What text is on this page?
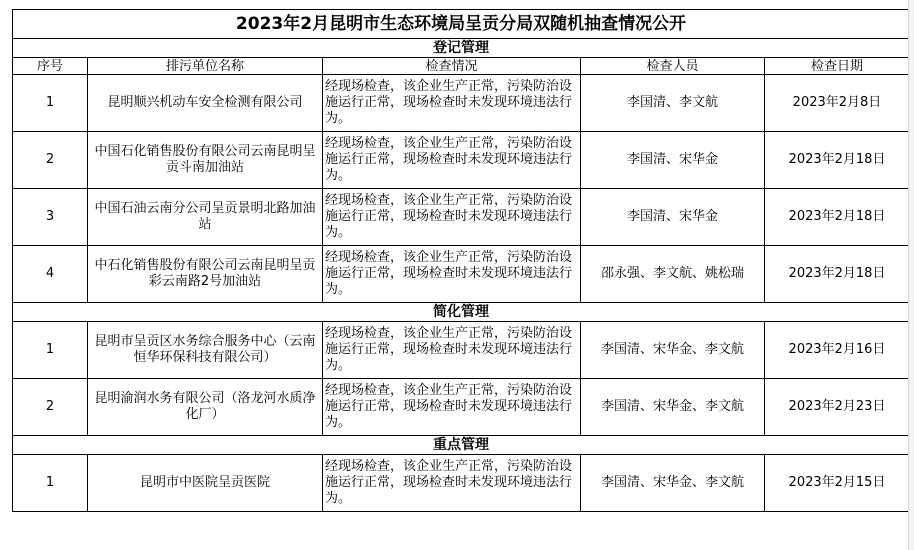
2023年2月昆明市生态环境局呈贡分局双随机抽查情况公开				
登记管理				
序号	排污单位名称	检查情况	检查人员	检查日期
1	昆明顺兴机动车安全检测有限公司	经现场检查，该企业生产正常，污染防治设施运行正常，现场检查时未发现环境违法行为。	李国清、李文航	2023年2月8日
2	中国石化销售股份有限公司云南昆明呈贡斗南加油站	经现场检查，该企业生产正常，污染防治设施运行正常，现场检查时未发现环境违法行为。	李国清、宋华金	2023年2月18日
3	中国石油云南分公司呈贡景明北路加油站	经现场检查，该企业生产正常，污染防治设施运行正常，现场检查时未发现环境违法行为。	李国清、宋华金	2023年2月18日
4	中石化销售股份有限公司云南昆明呈贡彩云南路2号加油站	经现场检查，该企业生产正常，污染防治设施运行正常，现场检查时未发现环境违法行为。	邵永强、李文航、姚松瑞	2023年2月18日
简化管理				
1	昆明市呈贡区水务综合服务中心（云南恒华环保科技有限公司）	经现场检查，该企业生产正常，污染防治设施运行正常，现场检查时未发现环境违法行为。	李国清、宋华金、李文航	2023年2月16日
2	昆明渝润水务有限公司（洛龙河水质净化厂）	经现场检查，该企业生产正常，污染防治设施运行正常，现场检查时未发现环境违法行为。	李国清、宋华金、李文航	2023年2月23日
重点管理				
1	昆明市中医院呈贡医院	经现场检查，该企业生产正常，污染防治设施运行正常，现场检查时未发现环境违法行为。	李国清、宋华金、李文航	2023年2月15日
